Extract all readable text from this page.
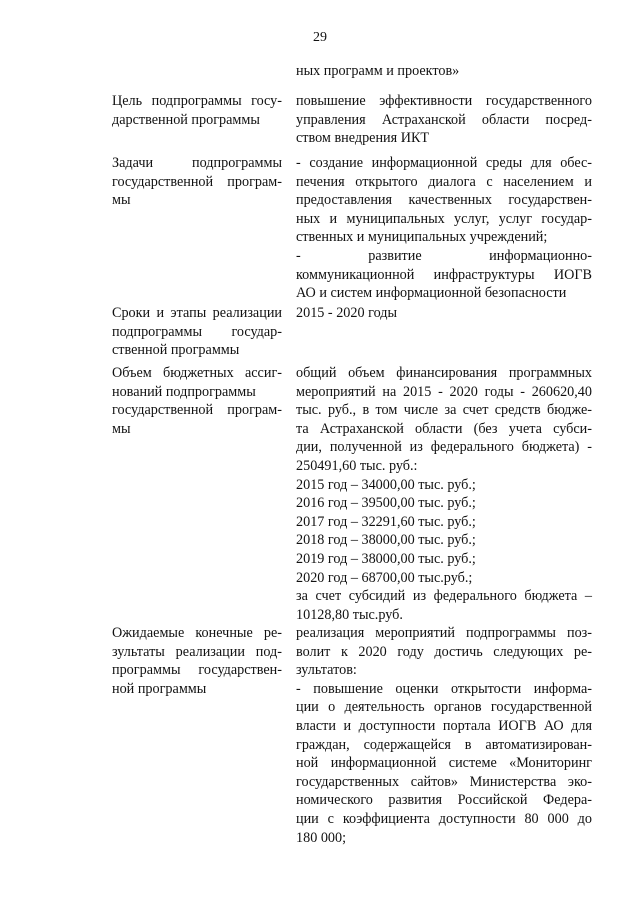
29
ных программ и проектов»
Цель подпрограммы госу-
дарственной программы
повышение эффективности государственного
управления Астраханской области посред-
ством внедрения ИКТ
Задачи подпрограммы
государственной програм-
мы
- создание информационной среды для обес-
печения открытого диалога с населением и
предоставления качественных государствен-
ных и муниципальных услуг, услуг государ-
ственных и муниципальных учреждений;
- развитие информационно-
коммуникационной инфраструктуры ИОГВ
АО и систем информационной безопасности
Сроки и этапы реализации
подпрограммы государ-
ственной программы
2015 - 2020 годы
Объем бюджетных ассиг-
нований подпрограммы
государственной програм-
мы
общий объем финансирования программных
мероприятий на 2015 - 2020 годы - 260620,40
тыс. руб., в том числе за счет средств бюдже-
та Астраханской области (без учета субси-
дии, полученной из федерального бюджета) -
250491,60 тыс. руб.:
2015 год – 34000,00 тыс. руб.;
2016 год – 39500,00 тыс. руб.;
2017 год – 32291,60 тыс. руб.;
2018 год – 38000,00 тыс. руб.;
2019 год – 38000,00 тыс. руб.;
2020 год – 68700,00 тыс.руб.;
за счет субсидий из федерального бюджета –
10128,80 тыс.руб.
Ожидаемые конечные ре-
зультаты реализации под-
программы государствен-
ной программы
реализация мероприятий подпрограммы поз-
волит к 2020 году достичь следующих ре-
зультатов:
- повышение оценки открытости информа-
ции о деятельность органов государственной
власти и доступности портала ИОГВ АО для
граждан, содержащейся в автоматизирован-
ной информационной системе «Мониторинг
государственных сайтов» Министерства эко-
номического развития Российской Федера-
ции с коэффициента доступности 80 000 до
180 000;
